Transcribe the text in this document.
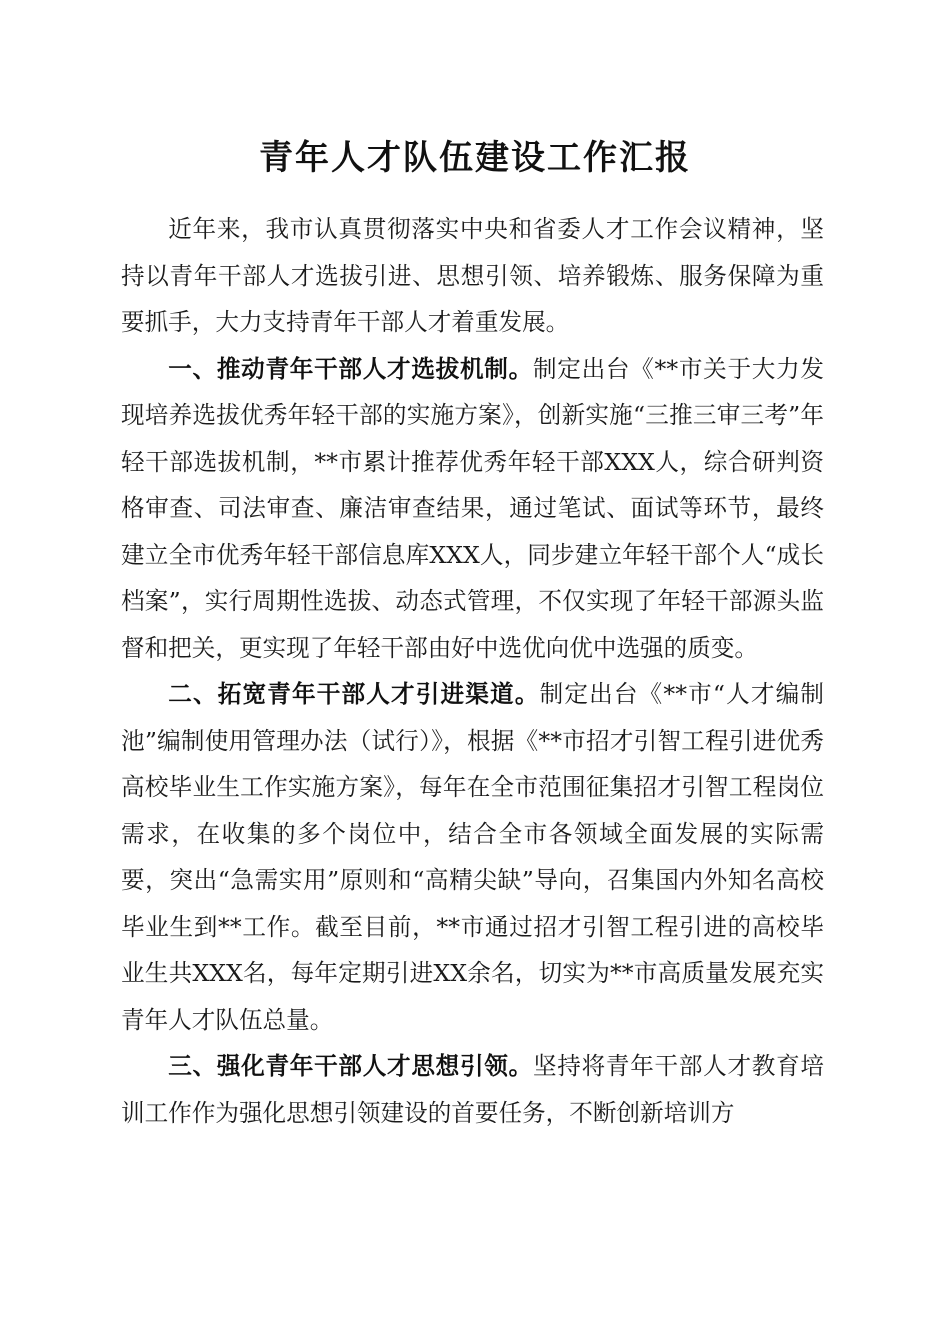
青年人才队伍建设工作汇报

近年来，我市认真贯彻落实中央和省委人才工作会议精神，坚持以青年干部人才选拔引进、思想引领、培养锻炼、服务保障为重要抓手，大力支持青年干部人才着重发展。

一、推动青年干部人才选拔机制。制定出台《**市关于大力发现培养选拔优秀年轻干部的实施方案》，创新实施“三推三审三考”年轻干部选拔机制，**市累计推荐优秀年轻干部XXX人，综合研判资格审查、司法审查、廉洁审查结果，通过笔试、面试等环节，最终建立全市优秀年轻干部信息库XXX人，同步建立年轻干部个人“成长档案”，实行周期性选拔、动态式管理，不仅实现了年轻干部源头监督和把关，更实现了年轻干部由好中选优向优中选强的质变。

二、拓宽青年干部人才引进渠道。制定出台《**市“人才编制池”编制使用管理办法（试行）》，根据《**市招才引智工程引进优秀高校毕业生工作实施方案》，每年在全市范围征集招才引智工程岗位需求，在收集的多个岗位中，结合全市各领域全面发展的实际需要，突出“急需实用”原则和“高精尖缺”导向，召集国内外知名高校毕业生到**工作。截至目前，**市通过招才引智工程引进的高校毕业生共XXX名，每年定期引进XX余名，切实为**市高质量发展充实青年人才队伍总量。

三、强化青年干部人才思想引领。坚持将青年干部人才教育培训工作作为强化思想引领建设的首要任务，不断创新培训方
